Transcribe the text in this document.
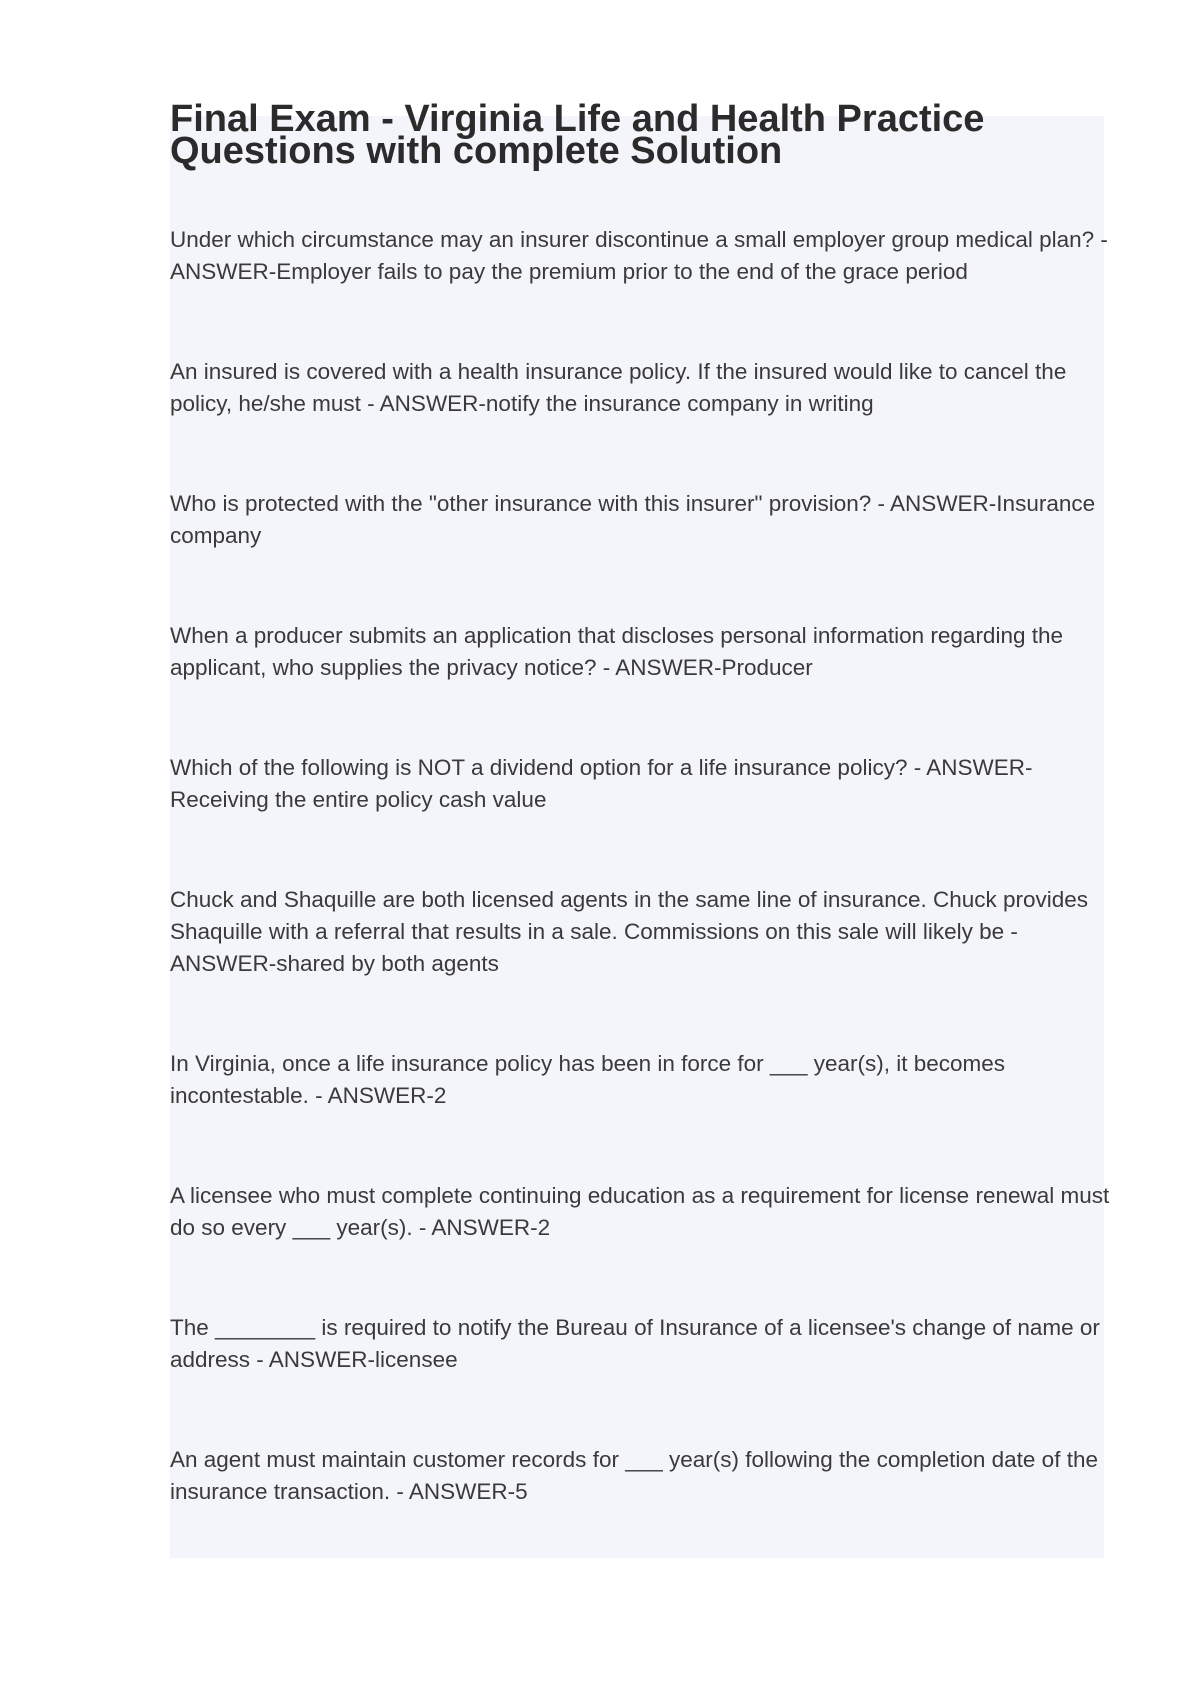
Final Exam - Virginia Life and Health Practice
Questions with complete Solution
Under which circumstance may an insurer discontinue a small employer group medical plan? - ANSWER-Employer fails to pay the premium prior to the end of the grace period
An insured is covered with a health insurance policy. If the insured would like to cancel the policy, he/she must - ANSWER-notify the insurance company in writing
Who is protected with the "other insurance with this insurer" provision? - ANSWER-Insurance company
When a producer submits an application that discloses personal information regarding the applicant, who supplies the privacy notice? - ANSWER-Producer
Which of the following is NOT a dividend option for a life insurance policy? - ANSWER-Receiving the entire policy cash value
Chuck and Shaquille are both licensed agents in the same line of insurance. Chuck provides Shaquille with a referral that results in a sale. Commissions on this sale will likely be - ANSWER-shared by both agents
In Virginia, once a life insurance policy has been in force for ___ year(s), it becomes incontestable. - ANSWER-2
A licensee who must complete continuing education as a requirement for license renewal must do so every ___ year(s). - ANSWER-2
The ________ is required to notify the Bureau of Insurance of a licensee's change of name or address - ANSWER-licensee
An agent must maintain customer records for ___ year(s) following the completion date of the insurance transaction. - ANSWER-5
